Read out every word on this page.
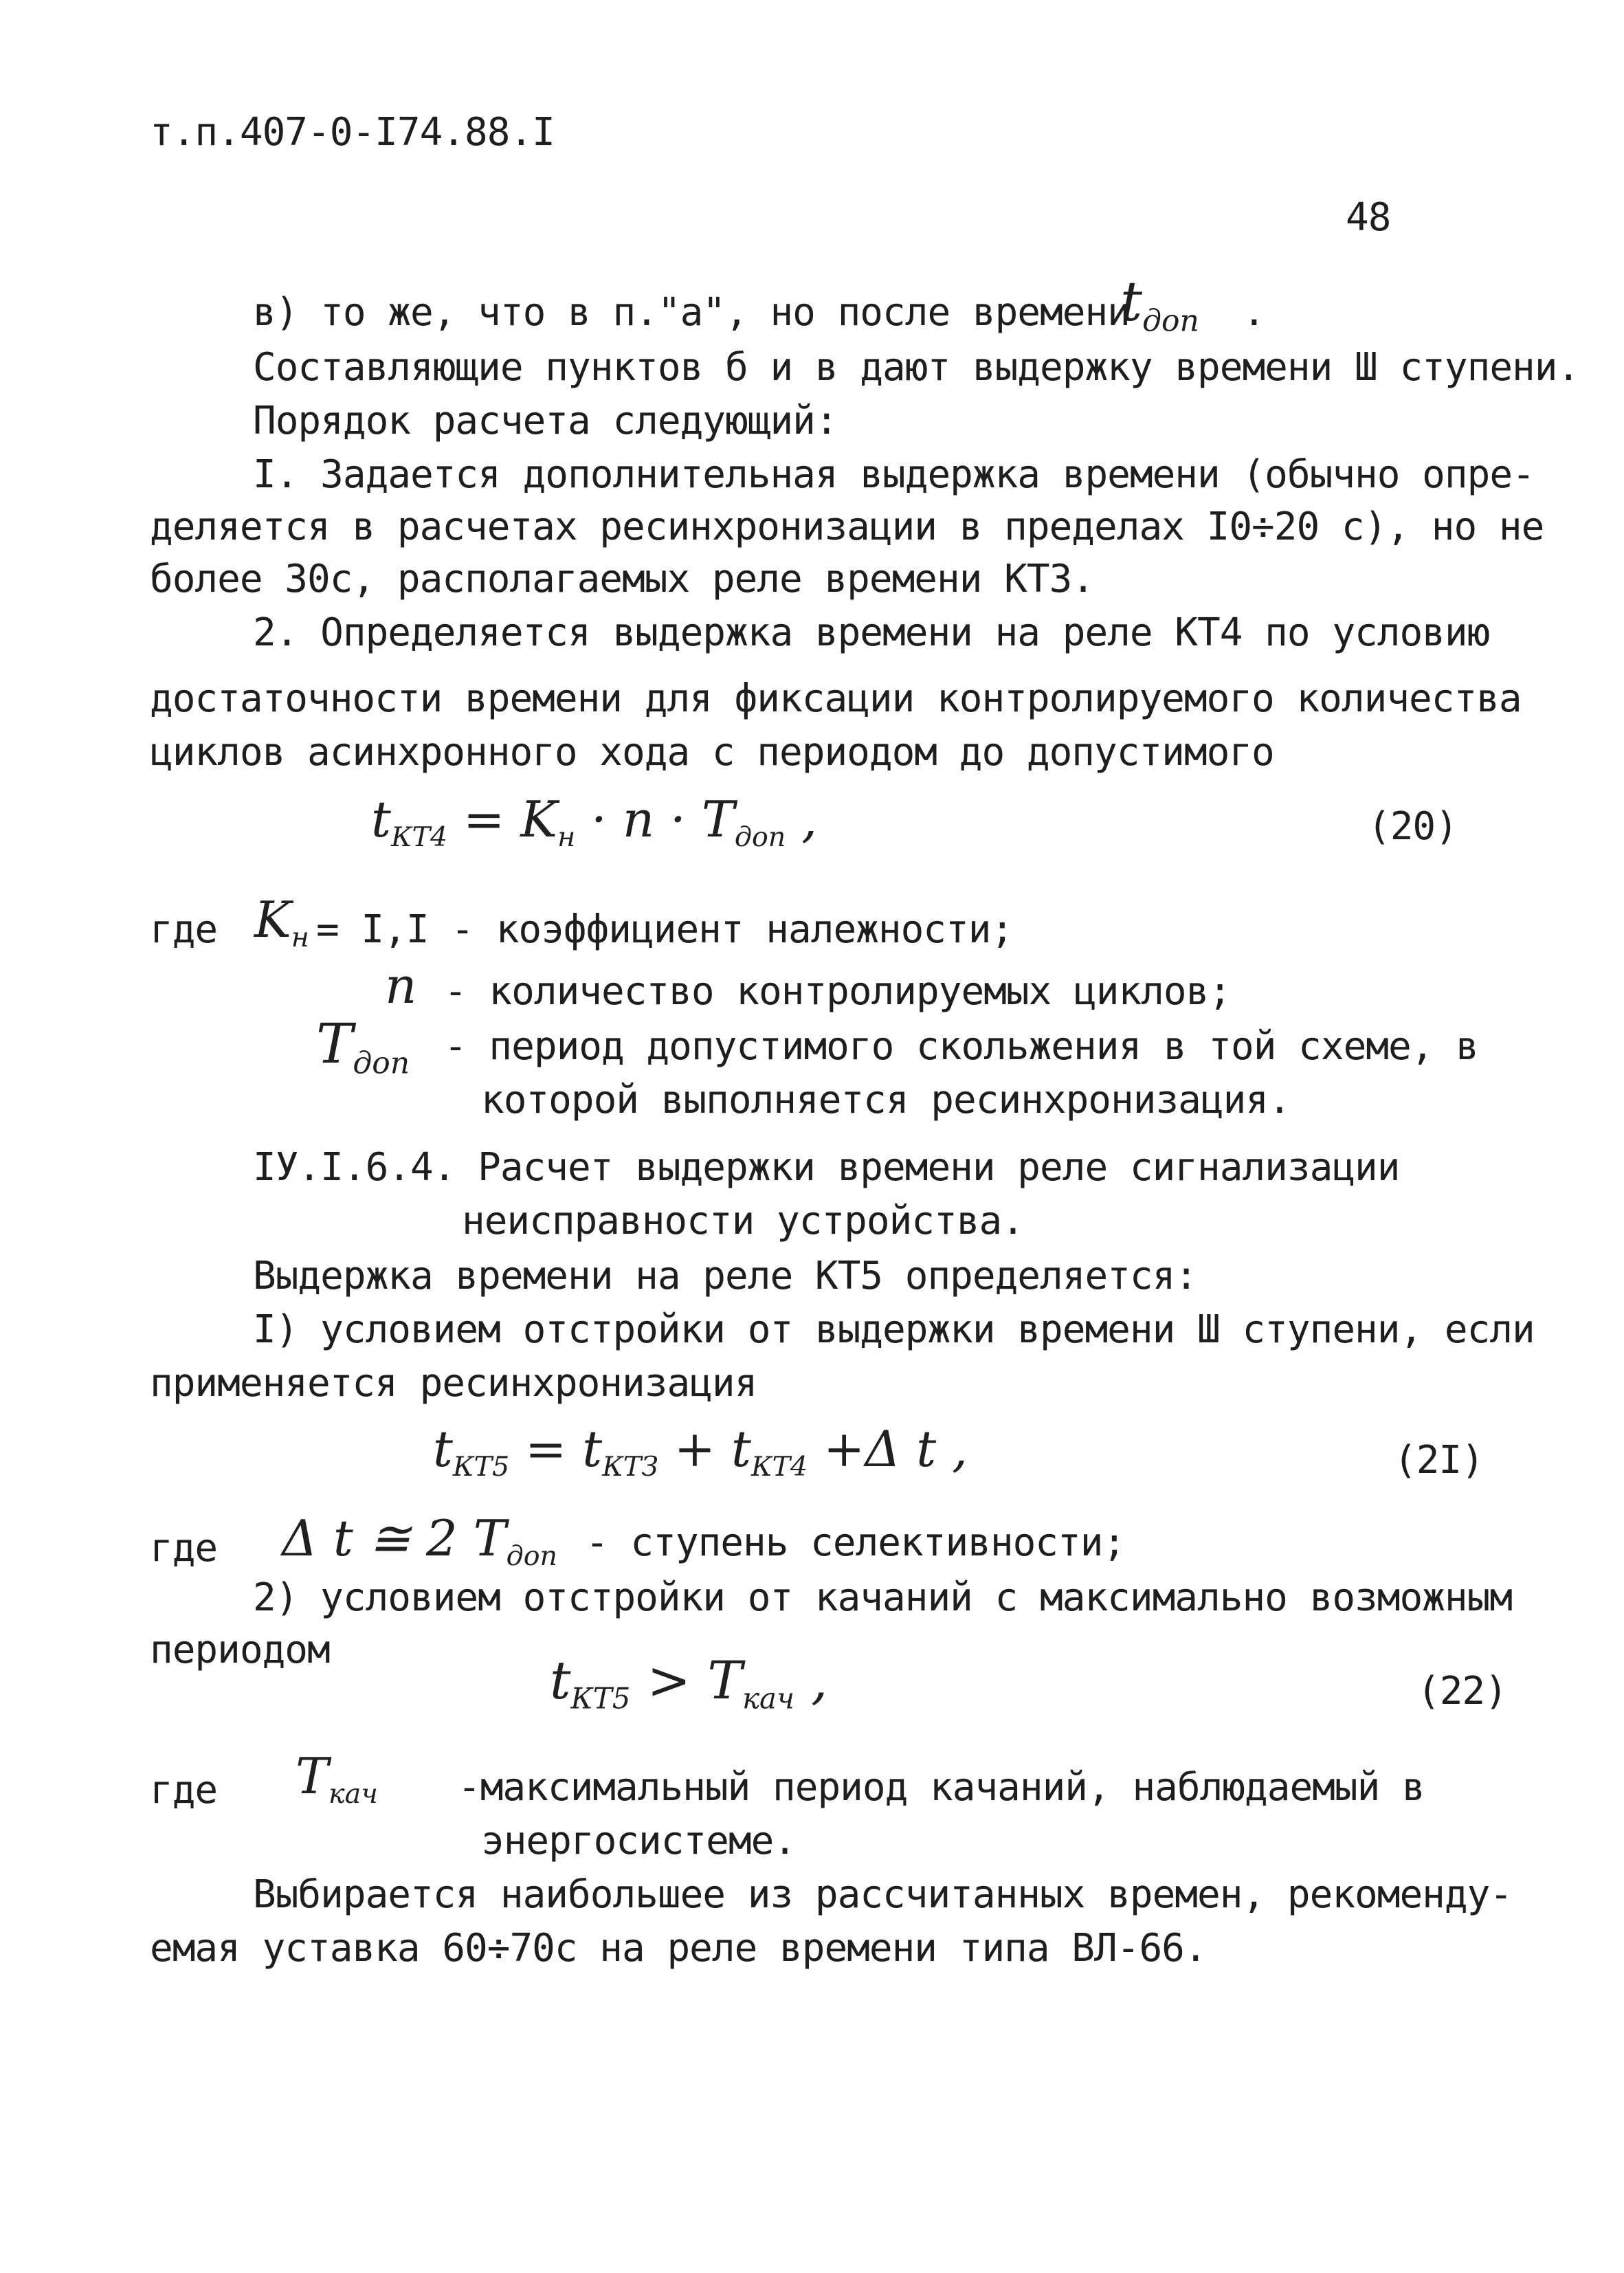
т.п.407-0-I74.88.I
48
в) то же, что в п."а", но после времени
$t_{доп}$ .
Составляющие пунктов б и в дают выдержку времени Ш ступени.
Порядок расчета следующий:
I. Задается дополнительная выдержка времени (обычно опре-
деляется в расчетах ресинхронизации в пределах I0÷20 с), но не
более 30с, располагаемых реле времени КТЗ.
2. Определяется выдержка времени на реле КТ4 по условию
достаточности времени для фиксации контролируемого количества
циклов асинхронного хода с периодом до допустимого
$t_{КТ4} = K_н \cdot n \cdot T_{доп}$ ,	(20)
где $K_н = I,I$ - коэффициент належности;
n - количество контролируемых циклов;
$T_{доп}$ - период допустимого скольжения в той схеме, в
которой выполняется ресинхронизация.
IУ.I.6.4. Расчет выдержки времени реле сигнализации
неисправности устройства.
Выдержка времени на реле КТ5 определяется:
I) условием отстройки от выдержки времени Ш ступени, если
применяется ресинхронизация
$t_{КТ5} = t_{КТЗ} + t_{КТ4} +\Delta$ t ,	(2I)
где Δ t ≅ 2 $T_{доп}$ - ступень селективности;
2) условием отстройки от качаний с максимально возможным
периодом	$t_{КТ5} > T_{кач}$ ,	(22)
где $T_{кач}$ -максимальный период качаний, наблюдаемый в
энергосистеме.
Выбирается наибольшее из рассчитанных времен, рекоменду-
емая уставка 60÷70с на реле времени типа ВЛ-66.
